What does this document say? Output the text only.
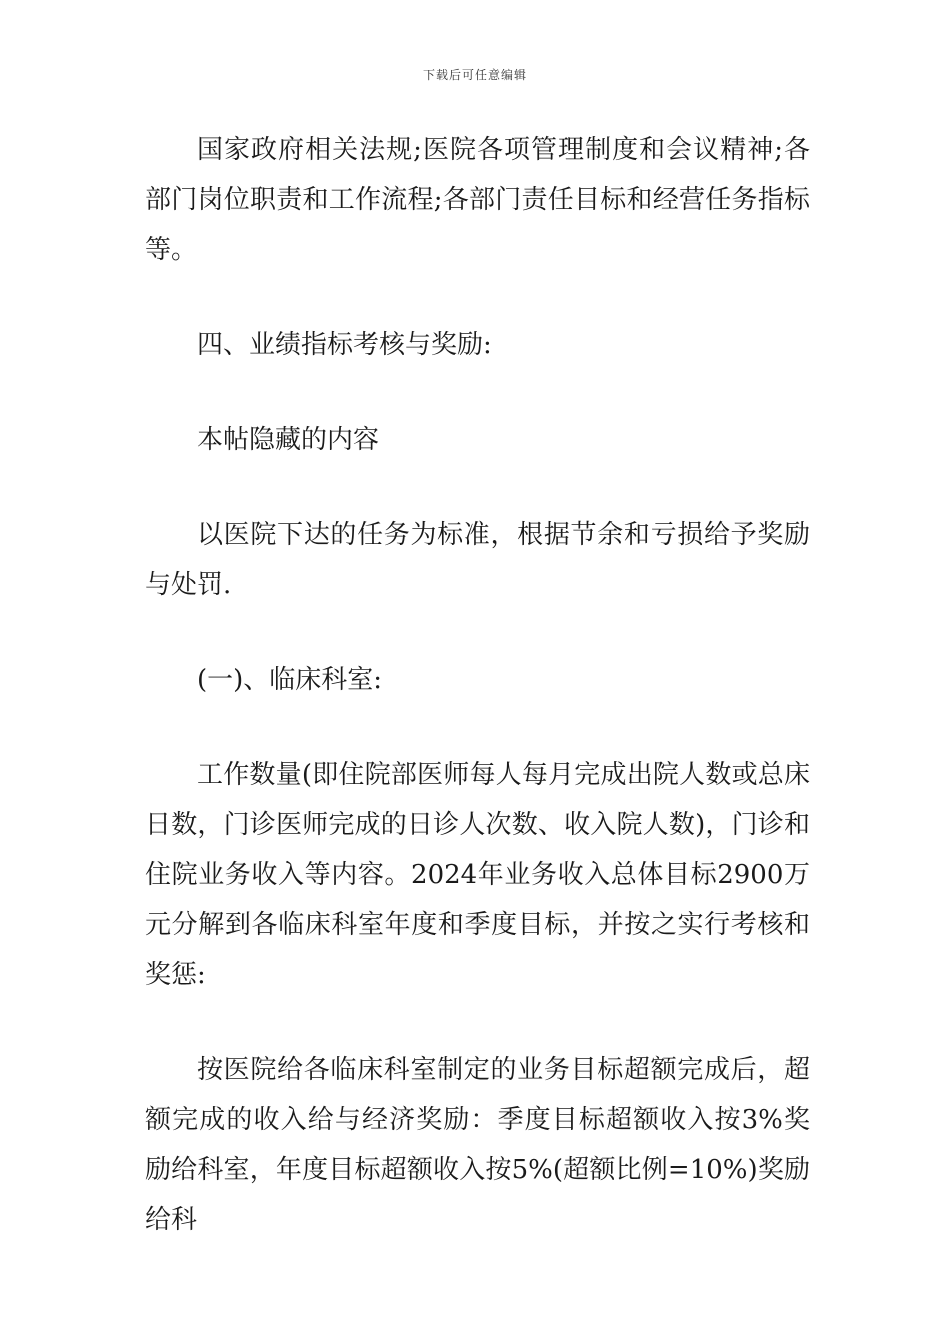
下载后可任意编辑

国家政府相关法规;医院各项管理制度和会议精神;各部门岗位职责和工作流程;各部门责任目标和经营任务指标等。

四、业绩指标考核与奖励:

本帖隐藏的内容

以医院下达的任务为标准，根据节余和亏损给予奖励与处罚.

(一)、临床科室:

工作数量(即住院部医师每人每月完成出院人数或总床日数，门诊医师完成的日诊人次数、收入院人数)，门诊和住院业务收入等内容。2024年业务收入总体目标2900万元分解到各临床科室年度和季度目标，并按之实行考核和奖惩:

按医院给各临床科室制定的业务目标超额完成后，超额完成的收入给与经济奖励：季度目标超额收入按3%奖励给科室，年度目标超额收入按5%(超额比例=10%)奖励给科
